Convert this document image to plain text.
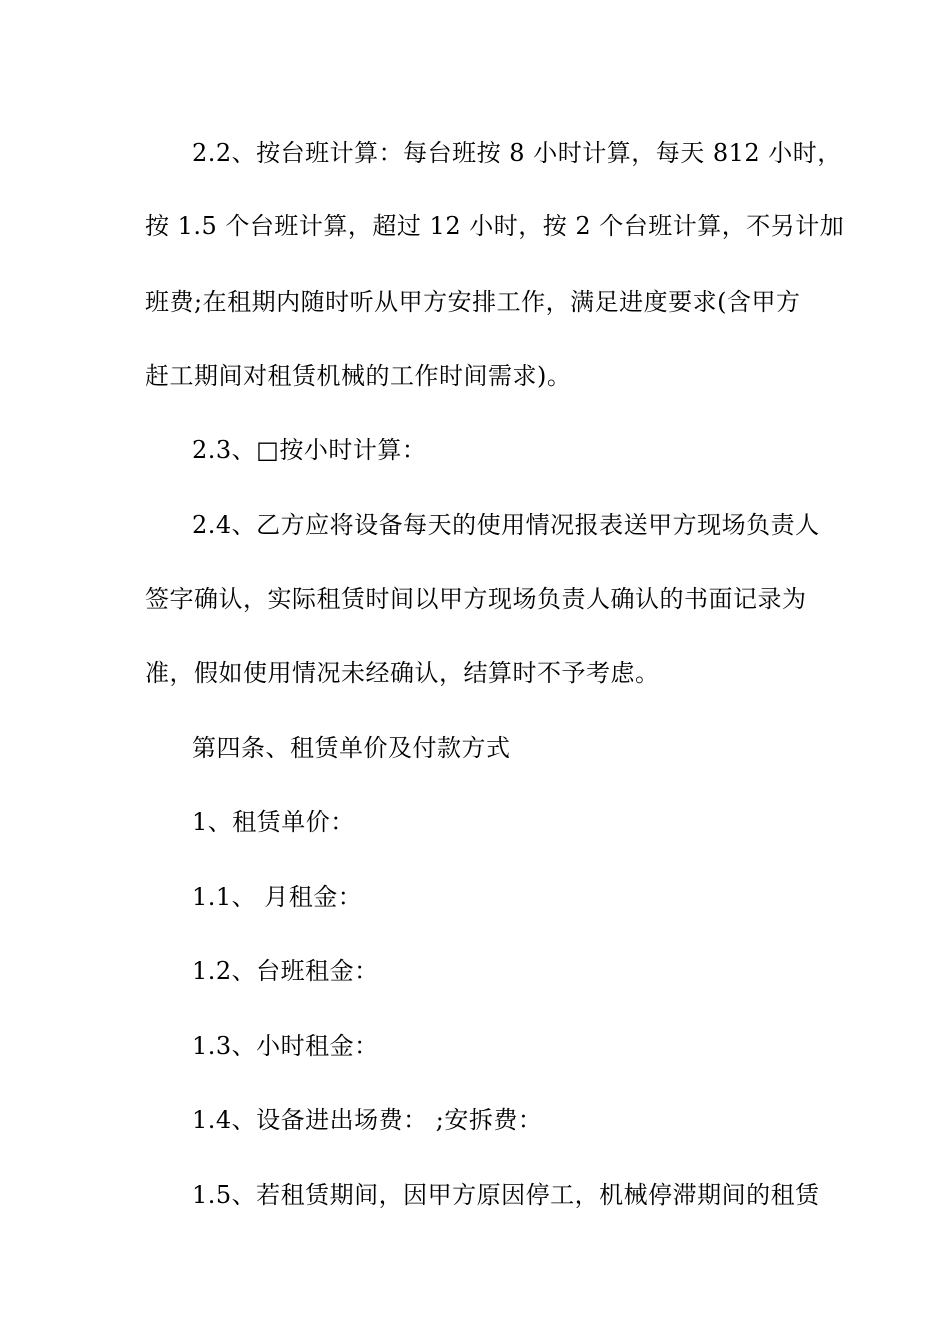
2.2、按台班计算：每台班按 8 小时计算，每天 812 小时，
按 1.5 个台班计算，超过 12 小时，按 2 个台班计算，不另计加
班费;在租期内随时听从甲方安排工作，满足进度要求(含甲方
赶工期间对租赁机械的工作时间需求)。
2.3、□按小时计算：
2.4、乙方应将设备每天的使用情况报表送甲方现场负责人
签字确认，实际租赁时间以甲方现场负责人确认的书面记录为
准，假如使用情况未经确认，结算时不予考虑。
第四条、租赁单价及付款方式
1、租赁单价：
1.1、 月租金：
1.2、台班租金：
1.3、小时租金：
1.4、设备进出场费： ;安拆费：
1.5、若租赁期间，因甲方原因停工，机械停滞期间的租赁
